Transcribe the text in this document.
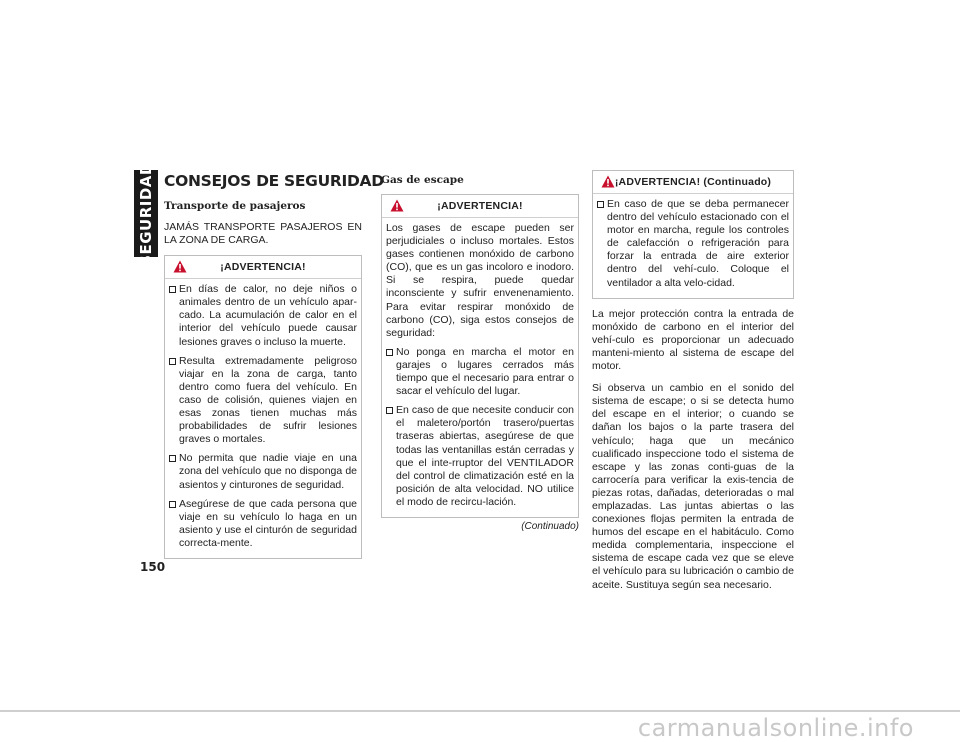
SEGURIDAD
150
CONSEJOS DE SEGURIDAD
Transporte de pasajeros

JAMÁS TRANSPORTE PASAJEROS EN LA ZONA DE CARGA.

¡ADVERTENCIA!
En días de calor, no deje niños o animales dentro de un vehículo apar-cado. La acumulación de calor en el interior del vehículo puede causar lesiones graves o incluso la muerte.
Resulta extremadamente peligroso viajar en la zona de carga, tanto dentro como fuera del vehículo. En caso de colisión, quienes viajen en esas zonas tienen muchas más probabilidades de sufrir lesiones graves o mortales.
No permita que nadie viaje en una zona del vehículo que no disponga de asientos y cinturones de seguridad.
Asegúrese de que cada persona que viaje en su vehículo lo haga en un asiento y use el cinturón de seguridad correcta-mente.
Gas de escape
¡ADVERTENCIA!

Los gases de escape pueden ser perjudiciales o incluso mortales. Estos gases contienen monóxido de carbono (CO), que es un gas incoloro e inodoro. Si se respira, puede quedar inconsciente y sufrir envenenamiento. Para evitar respirar monóxido de carbono (CO), siga estos consejos de seguridad:

No ponga en marcha el motor en garajes o lugares cerrados más tiempo que el necesario para entrar o sacar el vehículo del lugar.
En caso de que necesite conducir con el maletero/portón trasero/puertas traseras abiertas, asegúrese de que todas las ventanillas están cerradas y que el inte-rruptor del VENTILADOR del control de climatización esté en la posición de alta velocidad. NO utilice el modo de recircu-lación.
(Continuado)
¡ADVERTENCIA! (Continuado)
En caso de que se deba permanecer dentro del vehículo estacionado con el motor en marcha, regule los controles de calefacción o refrigeración para forzar la entrada de aire exterior dentro del vehí-culo. Coloque el ventilador a alta velo-cidad.

La mejor protección contra la entrada de monóxido de carbono en el interior del vehí-culo es proporcionar un adecuado manteni-miento al sistema de escape del motor.

Si observa un cambio en el sonido del sistema de escape; o si se detecta humo del escape en el interior; o cuando se dañan los bajos o la parte trasera del vehículo; haga que un mecánico cualificado inspeccione todo el sistema de escape y las zonas conti-guas de la carrocería para verificar la exis-tencia de piezas rotas, dañadas, deterioradas o mal emplazadas. Las juntas abiertas o las conexiones flojas permiten la entrada de humos del escape en el habitáculo. Como medida complementaria, inspeccione el sistema de escape cada vez que se eleve el vehículo para su lubricación o cambio de aceite. Sustituya según sea necesario.

carmanualsonline.info
